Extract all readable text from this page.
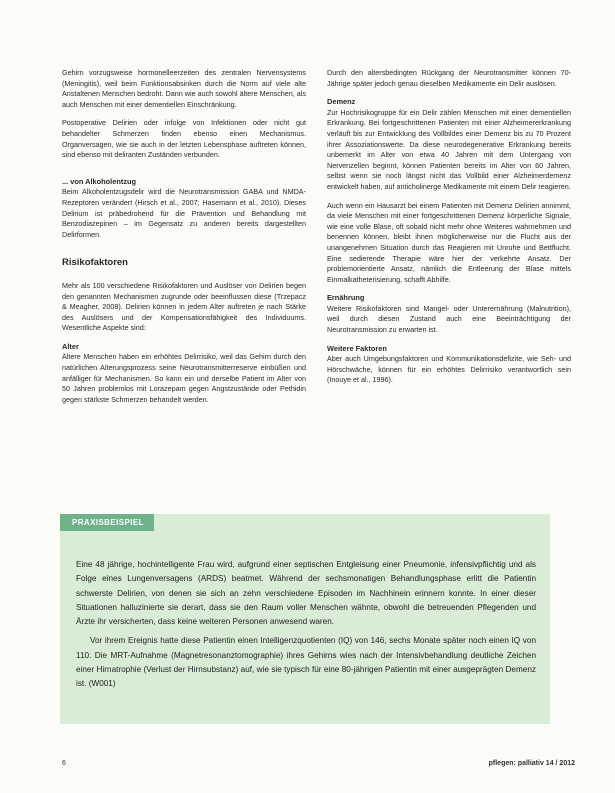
Gehirn vorzugsweise hormonelleerzeiten des zentralen Nervensystems (Meningitis), weil beim Funktionsabsinken durch die Norm auf viele alte Anstaltenen Menschen bedroht. Dann wie auch sowohl ältere Menschen, als auch Menschen mit einer dementiellen Einschränkung.

Postoperative Delirien oder infolge von Infektionen oder nicht gut behandelter Schmerzen finden ebenso einen Mechanismus. Organversagen, wie sie auch in der letzten Lebensphase auftreten können, sind ebenso mit deliranten Zuständen verbunden.

... von Alkoholentzug

Beim Alkoholentzugsdelir wird die Neurotransmission GABA und NMDA-Rezeptoren verändert (Hirsch et al., 2007; Hasemann et al., 2010). Dieses Delirium ist präbedrohend für die Prävention und Behandlung mit Benzodiazepinen – im Gegensatz zu anderen bereits dargestellten Delirformen.

Risikofaktoren

Mehr als 100 verschiedene Risikofaktoren und Auslöser von Delirien begen den genannten Mechanismen zugrunde oder beeinflussen diese (Trzepacz & Meagher, 2008). Delirien können in jedem Alter auftreten je nach Stärke des Auslösers und der Kompensationsfähigkeit des Individuums. Wesentliche Aspekte sind:

Alter

Ältere Menschen haben ein erhöhtes Delirrisiko, weil das Gehirn durch den natürlichen Alterungsprozess seine Neurotransmitterreserve einbüßen und anfälliger für Mechanismen. So kann ein und derselbe Patient im Alter von 50 Jahren problemlos mit Lorazepam gegen Angstzustände oder Pethidin gegen stärkste Schmerzen behandelt werden.

Durch den altersbedingten Rückgang der Neurotransmitter können 70-Jährige später jedoch genau dieselben Medikamente ein Delir auslösen.

Demenz

Zur Hochrisikogruppe für ein Delir zählen Menschen mit einer dementiellen Erkrankung. Bei fortgeschrittenen Patienten mit einer Alzheimererkrankung verläuft bis zur Entwicklung des Vollbildes einer Demenz bis zu 70 Prozent ihrer Assoziationswerte. Da diese neurodegenerative Erkrankung bereits unbemerkt im Alter von etwa 40 Jahren mit dem Untergang von Nervenzellen beginnt, können Patienten bereits im Alter von 60 Jahren, selbst wenn sie noch längst nicht das Vollbild einer Alzheimerdemenz entwickelt haben, auf anticholinerge Medikamente mit einem Delir reagieren.

Auch wenn ein Hausarzt bei einem Patienten mit Demenz Delirien annimmt, da viele Menschen mit einer fortgeschrittenen Demenz körperliche Signale, wie eine volle Blase, oft sobald nicht mehr ohne Weiteres wahrnehmen und benennen können, bleibt ihnen möglicherweise nur die Flucht aus der unangenehmen Situation durch das Reagieren mit Unruhe und Bettflucht. Eine sedierende Therapie wäre hier der verkehrte Ansatz. Der problemorientierte Ansatz, nämlich die Entleerung der Blase mittels Einmalkatheterisierung, schafft Abhilfe.

Ernährung

Weitere Risikofaktoren sind Mangel- oder Unterernährung (Malnutrition), weil durch diesen Zustand auch eine Beeinträchtigung der Neurotransmission zu erwarten ist.

Weitere Faktoren

Aber auch Umgebungsfaktoren und Kommunikationsdefizite, wie Seh- und Hörschwäche, können für ein erhöhtes Delirrisiko verantwortlich sein (Inouye et al., 1996).

PRAXISBEISPIEL

Eine 48 jährige, hochintelligente Frau wird, aufgrund einer septischen Entgleisung einer Pneumonie, infensivpflichtig und als Folge eines Lungenversagens (ARDS) beatmet. Während der sechsmonatigen Behandlungsphase erlitt die Patientin schwerste Delirien, von denen sie sich an zehn verschiedene Episoden im Nachhinein erinnern konnte. In einer dieser Situationen halluzinierte sie derart, dass sie den Raum voller Menschen wähnte, obwohl die betreuenden Pflegenden und Ärzte ihr versicherten, dass keine weiteren Personen anwesend waren.

Vor ihrem Ereignis hatte diese Patientin einen Intelligenzquotienten (IQ) von 146, sechs Monate später noch einen IQ von 110. Die MRT-Aufnahme (Magnetresonanztomographie) ihres Gehirns wies nach der Intensivbehandlung deutliche Zeichen einer Hirnatrophie (Verlust der Hirnsubstanz) auf, wie sie typisch für eine 80-jährigen Patientin mit einer ausgeprägten Demenz ist. (W001)

6	pflegen: palliativ 14 / 2012
